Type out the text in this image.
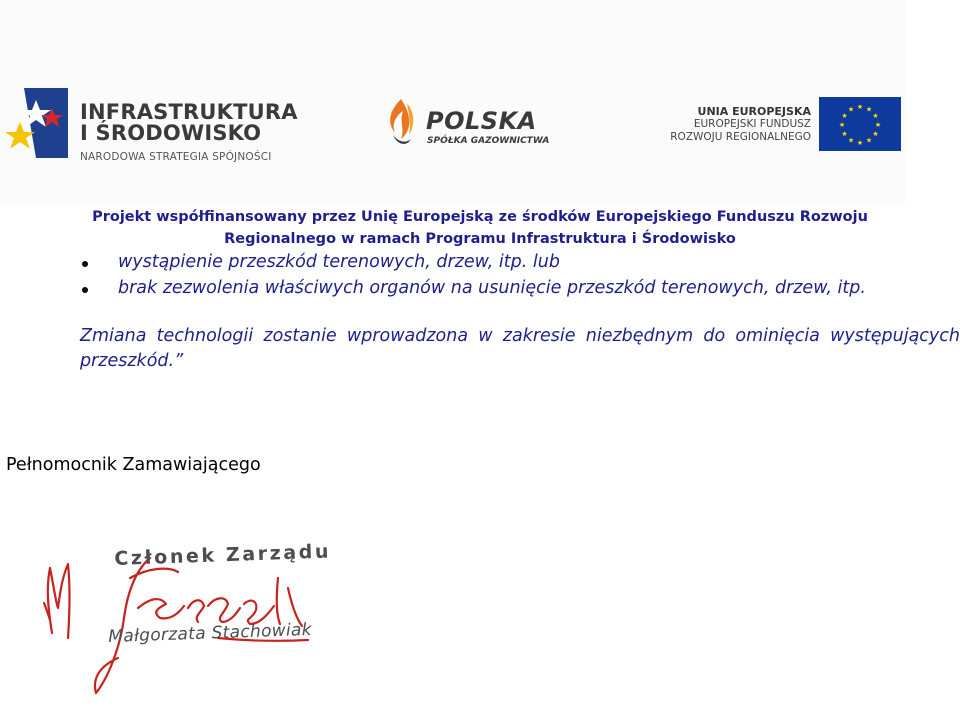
INFRASTRUKTURA
I ŚRODOWISKO
NARODOWA STRATEGIA SPÓJNOŚCI
POLSKA
SPÓŁKA GAZOWNICTWA
UNIA EUROPEJSKA
EUROPEJSKI FUNDUSZ
ROZWOJU REGIONALNEGO
★ ★
★
★
★
★
★
★
★
★
★
★
Projekt współfinansowany przez Unię Europejską ze środków Europejskiego Funduszu Rozwoju
Regionalnego w ramach Programu Infrastruktura i Środowisko
wystąpienie przeszkód terenowych, drzew, itp. lub
brak zezwolenia właściwych organów na usunięcie przeszkód terenowych, drzew, itp.

Zmiana technologii zostanie wprowadzona w zakresie niezbędnym do ominięcia występujących przeszkód.”

Pełnomocnik Zamawiającego
Członek Zarządu
Małgorzata Stachowiak
